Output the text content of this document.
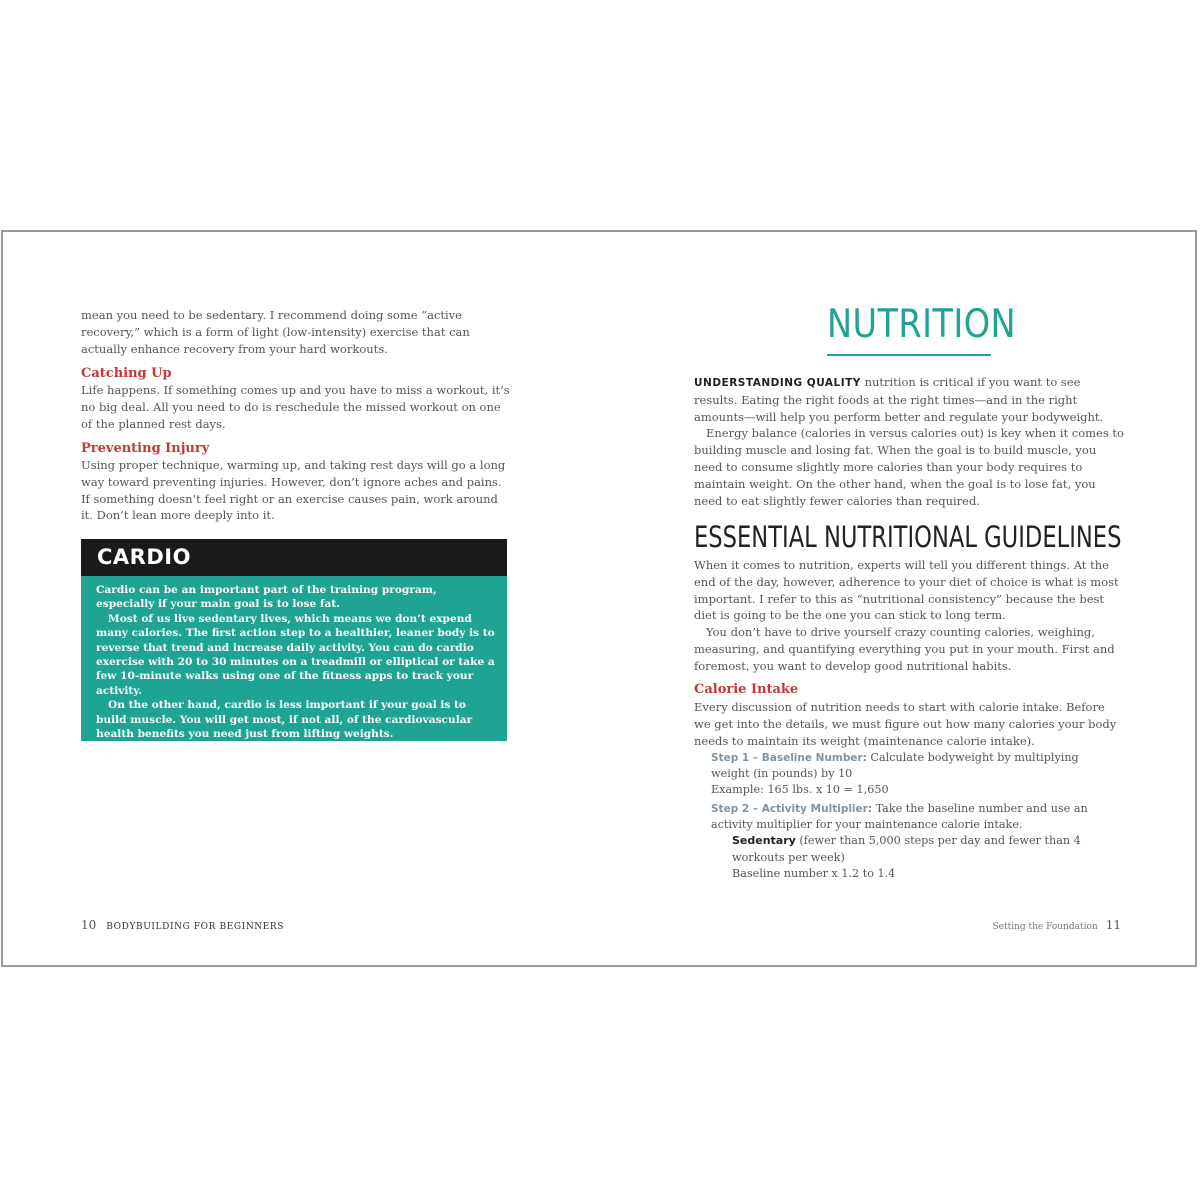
mean you need to be sedentary. I recommend doing some “active recovery,” which is a form of light (low-intensity) exercise that can actually enhance recovery from your hard workouts.

Catching Up

Life happens. If something comes up and you have to miss a workout, it’s no big deal. All you need to do is reschedule the missed workout on one of the planned rest days.

Preventing Injury

Using proper technique, warming up, and taking rest days will go a long way toward preventing injuries. However, don’t ignore aches and pains. If something doesn’t feel right or an exercise causes pain, work around it. Don’t lean more deeply into it.

CARDIO

Cardio can be an important part of the training program, especially if your main goal is to lose fat.

Most of us live sedentary lives, which means we don’t expend many calories. The first action step to a healthier, leaner body is to reverse that trend and increase daily activity. You can do cardio exercise with 20 to 30 minutes on a treadmill or elliptical or take a few 10-minute walks using one of the fitness apps to track your activity.

On the other hand, cardio is less important if your goal is to build muscle. You will get most, if not all, of the cardiovascular health benefits you need just from lifting weights.

10 BODYBUILDING FOR BEGINNERS
NUTRITION

UNDERSTANDING QUALITY nutrition is critical if you want to see results. Eating the right foods at the right times—and in the right amounts—will help you perform better and regulate your bodyweight.

Energy balance (calories in versus calories out) is key when it comes to building muscle and losing fat. When the goal is to build muscle, you need to consume slightly more calories than your body requires to maintain weight. On the other hand, when the goal is to lose fat, you need to eat slightly fewer calories than required.

ESSENTIAL NUTRITIONAL GUIDELINES

When it comes to nutrition, experts will tell you different things. At the end of the day, however, adherence to your diet of choice is what is most important. I refer to this as “nutritional consistency” because the best diet is going to be the one you can stick to long term.

You don’t have to drive yourself crazy counting calories, weighing, measuring, and quantifying everything you put in your mouth. First and foremost, you want to develop good nutritional habits.

Calorie Intake

Every discussion of nutrition needs to start with calorie intake. Before we get into the details, we must figure out how many calories your body needs to maintain its weight (maintenance calorie intake).

Step 1 – Baseline Number: Calculate bodyweight by multiplying weight (in pounds) by 10

Example: 165 lbs. x 10 = 1,650

Step 2 – Activity Multiplier: Take the baseline number and use an activity multiplier for your maintenance calorie intake.

Sedentary (fewer than 5,000 steps per day and fewer than 4 workouts per week)

Baseline number x 1.2 to 1.4

Setting the Foundation 11
